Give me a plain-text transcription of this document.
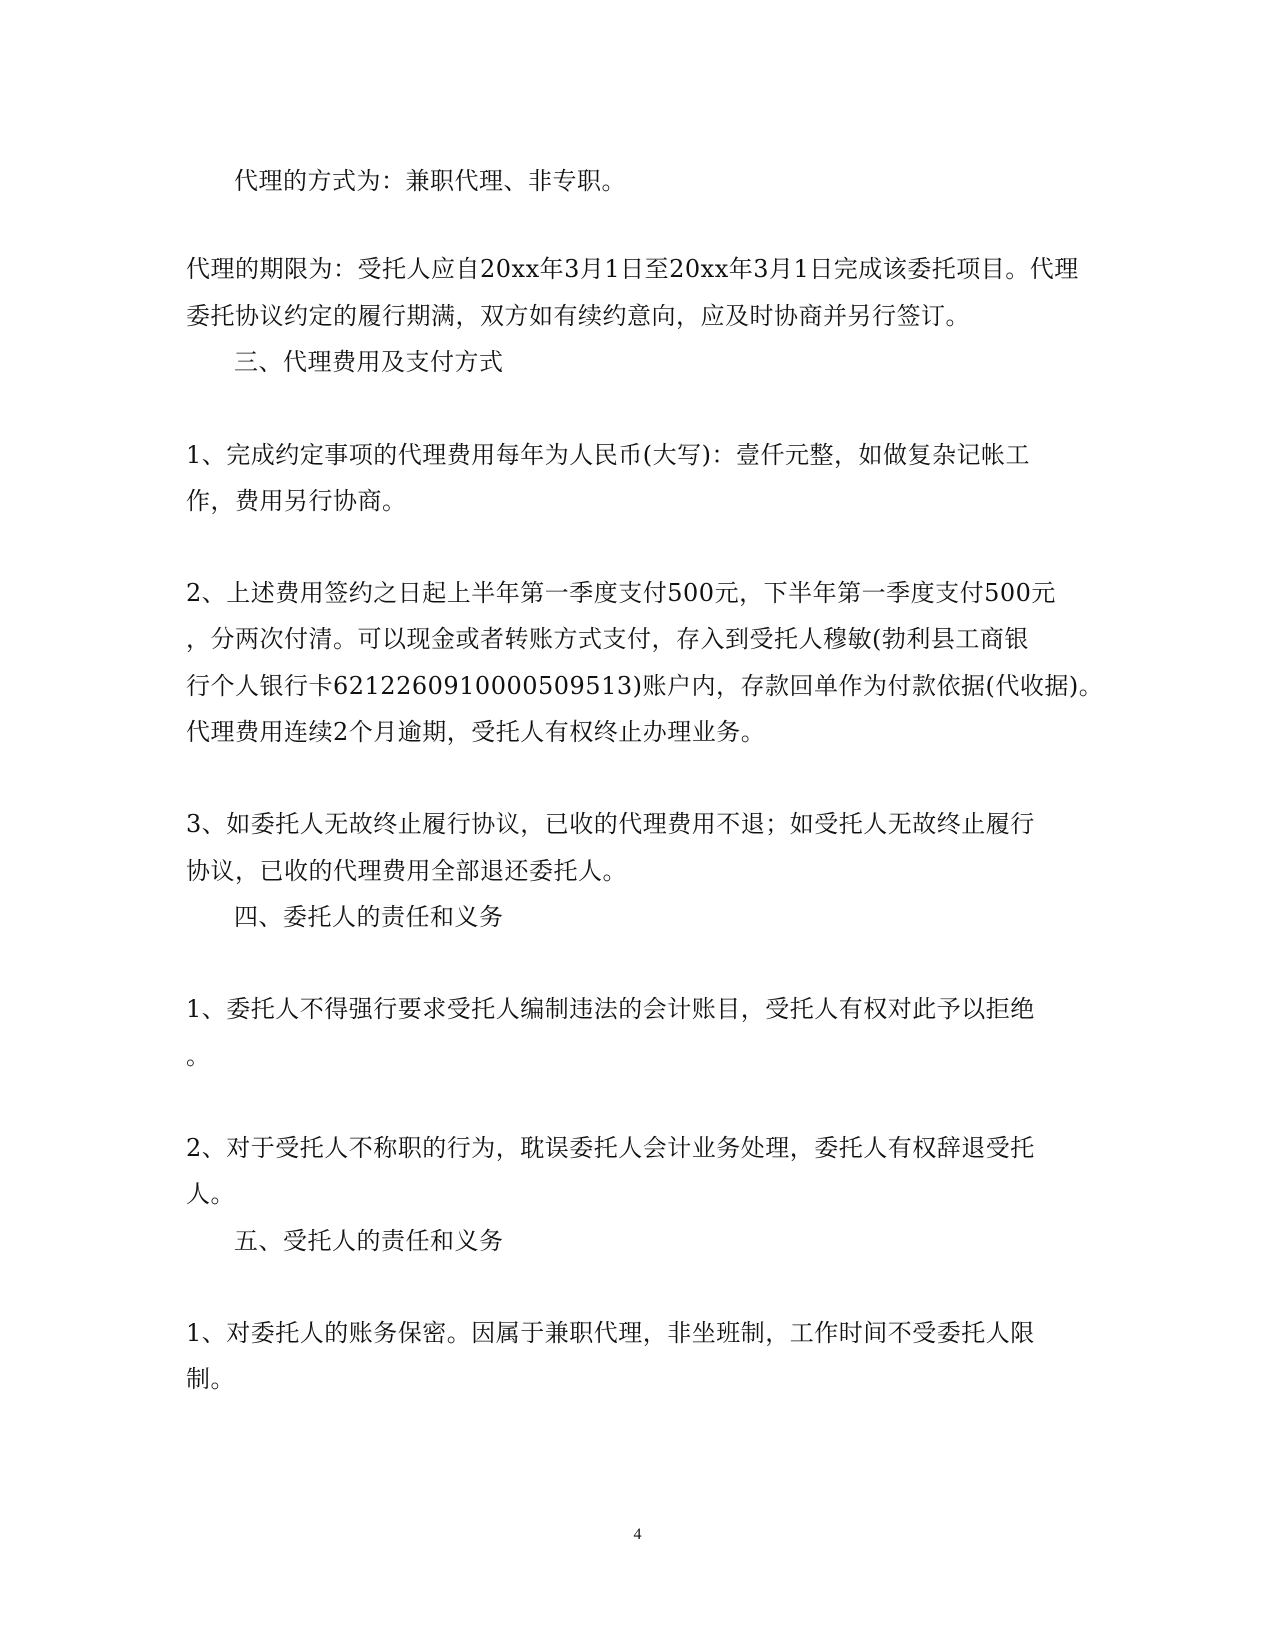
代理的方式为：兼职代理、非专职。
代理的期限为：受托人应自20xx年3月1日至20xx年3月1日完成该委托项目。代理
委托协议约定的履行期满，双方如有续约意向，应及时协商并另行签订。
三、代理费用及支付方式
1、完成约定事项的代理费用每年为人民币(大写)：壹仟元整，如做复杂记帐工
作，费用另行协商。
2、上述费用签约之日起上半年第一季度支付500元，下半年第一季度支付500元
，分两次付清。可以现金或者转账方式支付，存入到受托人穆敏(勃利县工商银
行个人银行卡6212260910000509513)账户内，存款回单作为付款依据(代收据)。
代理费用连续2个月逾期，受托人有权终止办理业务。
3、如委托人无故终止履行协议，已收的代理费用不退；如受托人无故终止履行
协议，已收的代理费用全部退还委托人。
四、委托人的责任和义务
1、委托人不得强行要求受托人编制违法的会计账目，受托人有权对此予以拒绝
。
2、对于受托人不称职的行为，耽误委托人会计业务处理，委托人有权辞退受托
人。
五、受托人的责任和义务
1、对委托人的账务保密。因属于兼职代理，非坐班制，工作时间不受委托人限
制。
4
